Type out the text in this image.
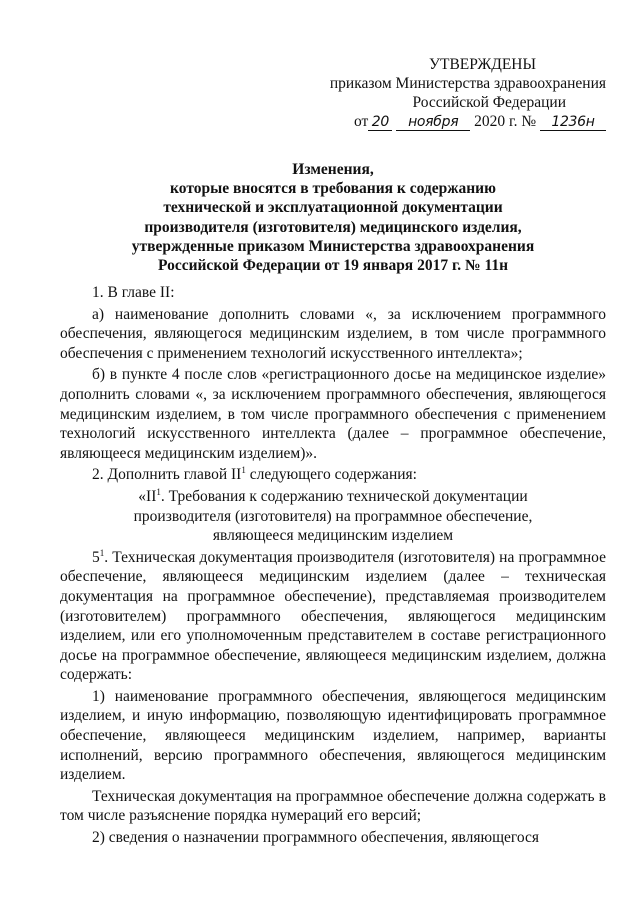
УТВЕРЖДЕНЫ
приказом Министерства здравоохранения
Российской Федерации
от 20 ноября 2020 г. № 1236н
Изменения,
которые вносятся в требования к содержанию
технической и эксплуатационной документации
производителя (изготовителя) медицинского изделия,
утвержденные приказом Министерства здравоохранения
Российской Федерации от 19 января 2017 г. № 11н

1. В главе II:

а) наименование дополнить словами «, за исключением программного обеспечения, являющегося медицинским изделием, в том числе программного обеспечения с применением технологий искусственного интеллекта»;

б) в пункте 4 после слов «регистрационного досье на медицинское изделие» дополнить словами «, за исключением программного обеспечения, являющегося медицинским изделием, в том числе программного обеспечения с применением технологий искусственного интеллекта (далее – программное обеспечение, являющееся медицинским изделием)».

2. Дополнить главой $II^1$ следующего содержания:

«$II^1$. Требования к содержанию технической документации
производителя (изготовителя) на программное обеспечение,
являющееся медицинским изделием

$5^1$. Техническая документация производителя (изготовителя) на программное обеспечение, являющееся медицинским изделием (далее – техническая документация на программное обеспечение), представляемая производителем (изготовителем) программного обеспечения, являющегося медицинским изделием, или его уполномоченным представителем в составе регистрационного досье на программное обеспечение, являющееся медицинским изделием, должна содержать:

1) наименование программного обеспечения, являющегося медицинским изделием, и иную информацию, позволяющую идентифицировать программное обеспечение, являющееся медицинским изделием, например, варианты исполнений, версию программного обеспечения, являющегося медицинским изделием.

Техническая документация на программное обеспечение должна содержать в том числе разъяснение порядка нумераций его версий;

2) сведения о назначении программного обеспечения, являющегося
